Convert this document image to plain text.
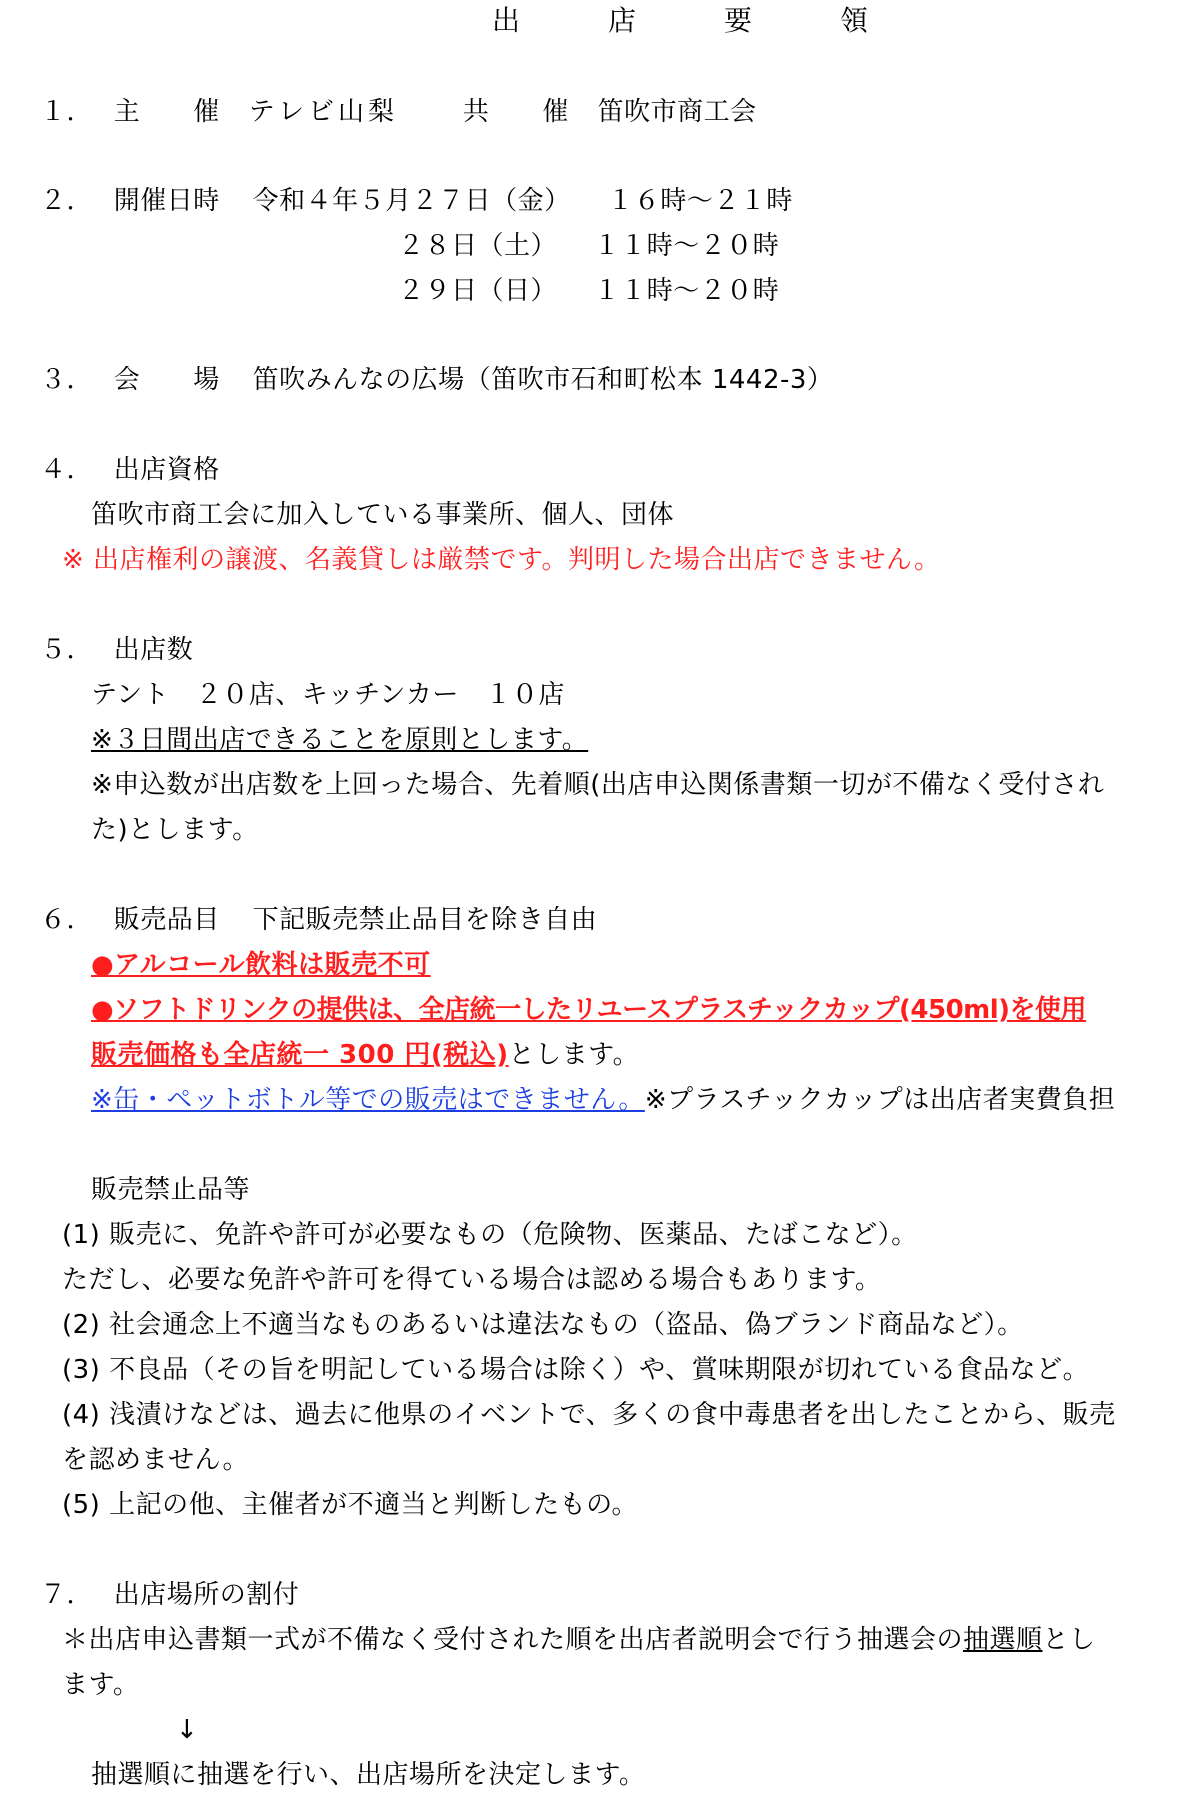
出　店　要　領
１． 主　　催 テレビ山梨 共　　催 笛吹市商工会
２． 開催日時 令和４年５月２７日（金） １６時～２１時
２８日（土） １１時～２０時
２９日（日） １１時～２０時
３． 会　　場 笛吹みんなの広場（笛吹市石和町松本 1442-3）
４． 出店資格
笛吹市商工会に加入している事業所、個人、団体
※ 出店権利の譲渡、名義貸しは厳禁です。判明した場合出店できません。
５． 出店数
テント　２０店、キッチンカー　１０店
※３日間出店できることを原則とします。
※申込数が出店数を上回った場合、先着順(出店申込関係書類一切が不備なく受付され
た)とします。
６． 販売品目 下記販売禁止品目を除き自由
●アルコール飲料は販売不可
●ソフトドリンクの提供は、全店統一したリユースプラスチックカップ(450ml)を使用
販売価格も全店統一 300 円(税込)とします。
※缶・ペットボトル等での販売はできません。※プラスチックカップは出店者実費負担
販売禁止品等
(1) 販売に、免許や許可が必要なもの（危険物、医薬品、たばこなど）。
ただし、必要な免許や許可を得ている場合は認める場合もあります。
(2) 社会通念上不適当なものあるいは違法なもの（盗品、偽ブランド商品など）。
(3) 不良品（その旨を明記している場合は除く）や、賞味期限が切れている食品など。
(4) 浅漬けなどは、過去に他県のイベントで、多くの食中毒患者を出したことから、販売
を認めません。
(5) 上記の他、主催者が不適当と判断したもの。
７． 出店場所の割付
＊出店申込書類一式が不備なく受付された順を出店者説明会で行う抽選会の抽選順とし
ます。
↓
抽選順に抽選を行い、出店場所を決定します。
